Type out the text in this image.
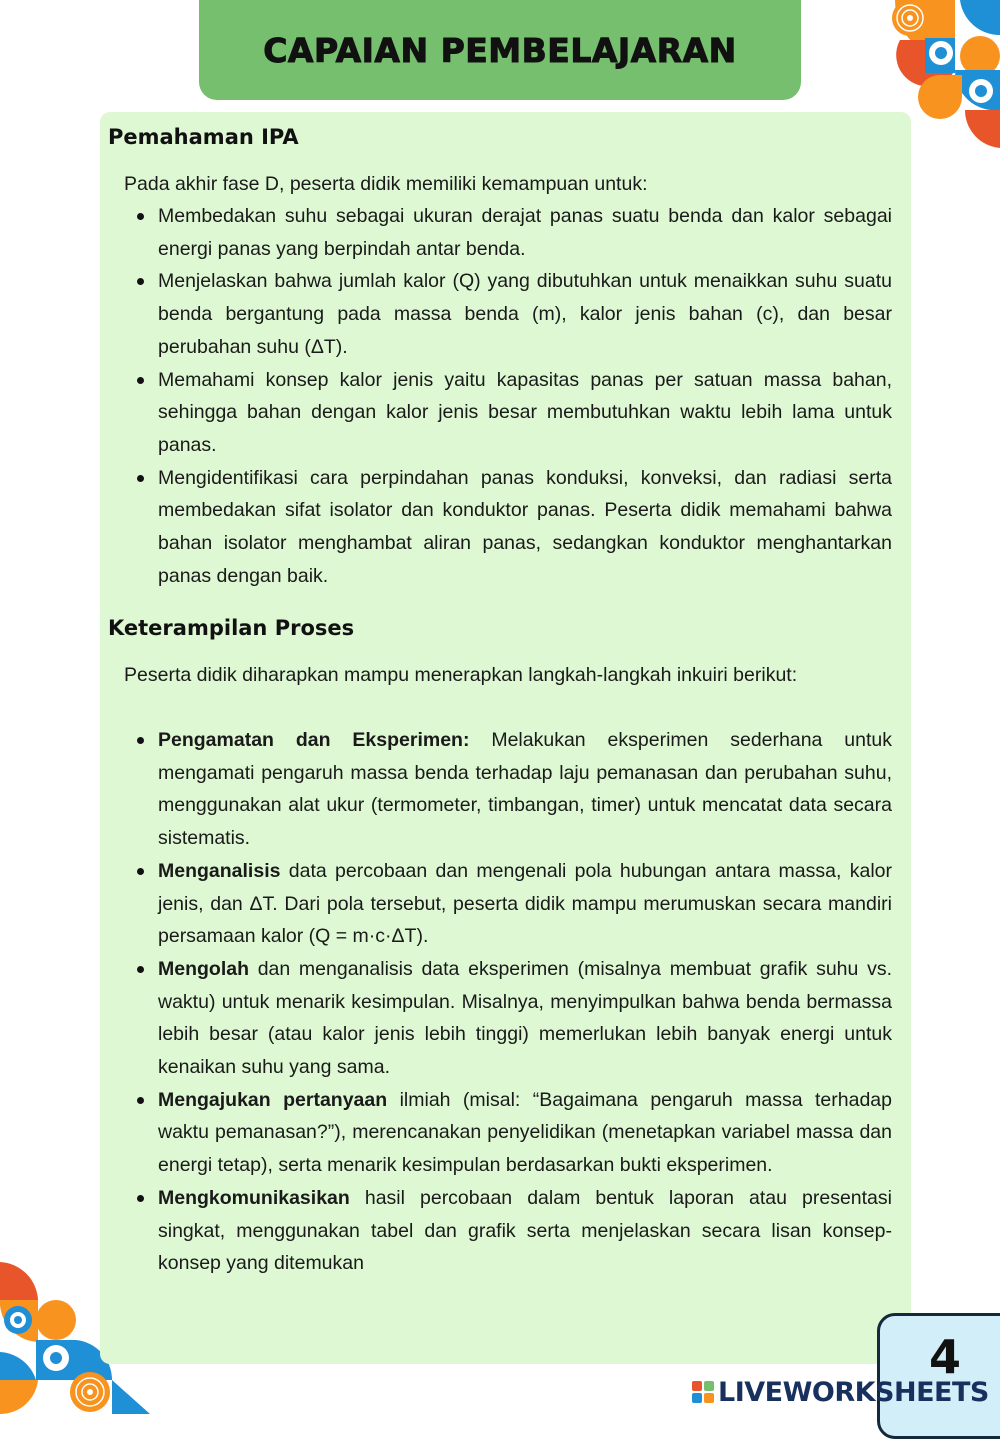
CAPAIAN PEMBELAJARAN
Pemahaman IPA

Pada akhir fase D, peserta didik memiliki kemampuan untuk:

Membedakan suhu sebagai ukuran derajat panas suatu benda dan kalor sebagai energi panas yang berpindah antar benda.
Menjelaskan bahwa jumlah kalor (Q) yang dibutuhkan untuk menaikkan suhu suatu benda bergantung pada massa benda (m), kalor jenis bahan (c), dan besar perubahan suhu (ΔT).
Memahami konsep kalor jenis yaitu kapasitas panas per satuan massa bahan, sehingga bahan dengan kalor jenis besar membutuhkan waktu lebih lama untuk panas.
Mengidentifikasi cara perpindahan panas konduksi, konveksi, dan radiasi serta membedakan sifat isolator dan konduktor panas. Peserta didik memahami bahwa bahan isolator menghambat aliran panas, sedangkan konduktor menghantarkan panas dengan baik.
Keterampilan Proses

Peserta didik diharapkan mampu menerapkan langkah-langkah inkuiri berikut:

Pengamatan dan Eksperimen: Melakukan eksperimen sederhana untuk mengamati pengaruh massa benda terhadap laju pemanasan dan perubahan suhu, menggunakan alat ukur (termometer, timbangan, timer) untuk mencatat data secara sistematis.
Menganalisis data percobaan dan mengenali pola hubungan antara massa, kalor jenis, dan ΔT. Dari pola tersebut, peserta didik mampu merumuskan secara mandiri persamaan kalor (Q = m·c·ΔT).
Mengolah dan menganalisis data eksperimen (misalnya membuat grafik suhu vs. waktu) untuk menarik kesimpulan. Misalnya, menyimpulkan bahwa benda bermassa lebih besar (atau kalor jenis lebih tinggi) memerlukan lebih banyak energi untuk kenaikan suhu yang sama.
Mengajukan pertanyaan ilmiah (misal: “Bagaimana pengaruh massa terhadap waktu pemanasan?”), merencanakan penyelidikan (menetapkan variabel massa dan energi tetap), serta menarik kesimpulan berdasarkan bukti eksperimen.
Mengkomunikasikan hasil percobaan dalam bentuk laporan atau presentasi singkat, menggunakan tabel dan grafik serta menjelaskan secara lisan konsep-konsep yang ditemukan
4
LIVEWORKSHEETS
